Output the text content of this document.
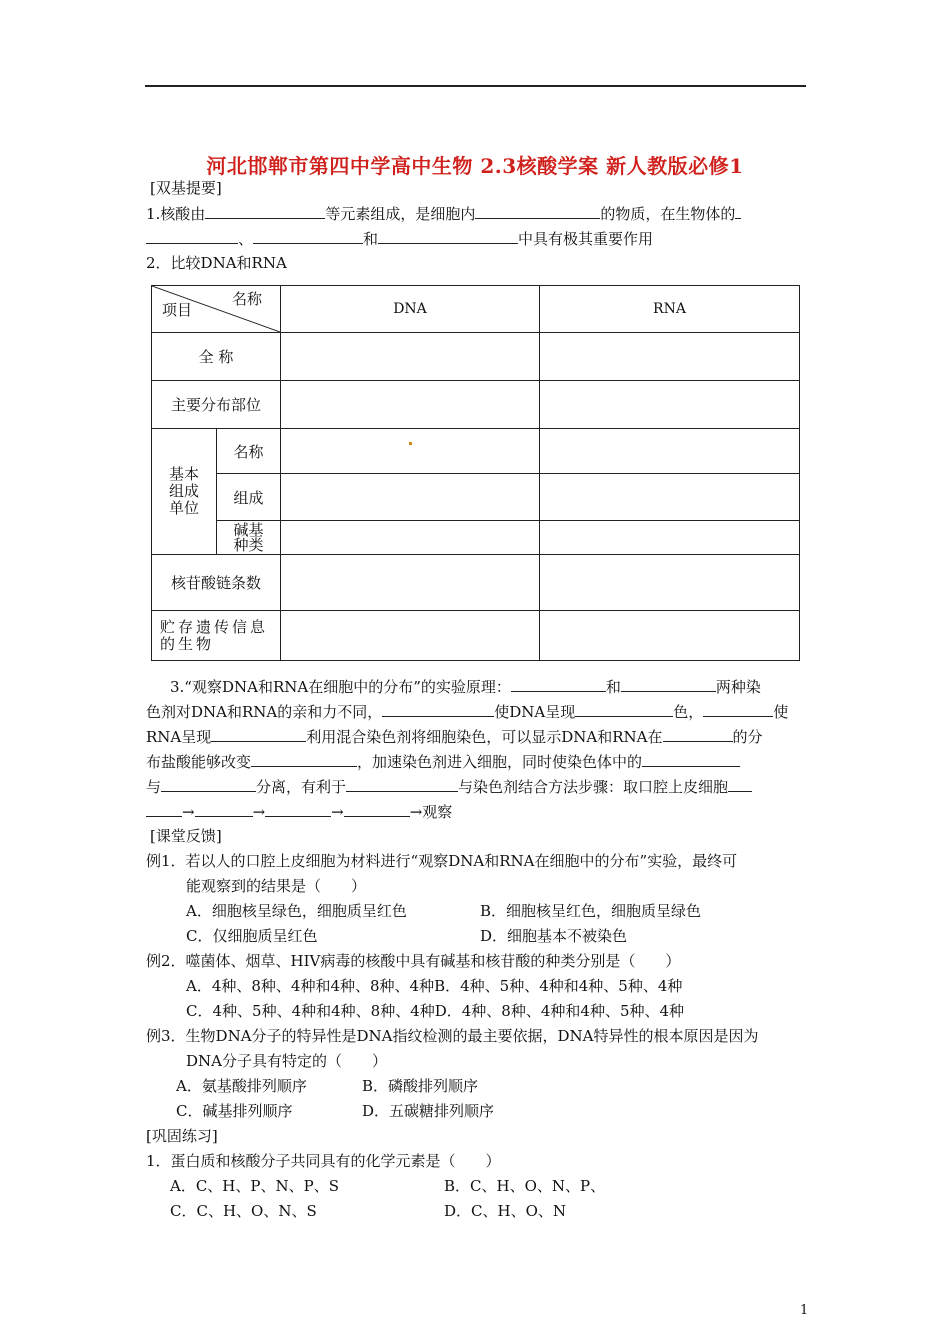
河北邯郸市第四中学高中生物 2.3核酸学案 新人教版必修1
[双基提要]
1.核酸由	等元素组成，是细胞内	的物质，在生物体的
、	和	中具有极其重要作用
2．比较DNA和RNA
名称
项目		DNA	RNA
全 称			
主要分布部位			
基本组成单位	名称	

	组成	

	碱基种类	

核苷酸链条数			
贮存遗传信息的生物			
3.“观察DNA和RNA在细胞中的分布”的实验原理：	和	两种染
色剂对DNA和RNA的亲和力不同，	使DNA呈现	色，	使
RNA呈现	利用混合染色剂将细胞染色，可以显示DNA和RNA在	的分
布盐酸能够改变	，加速染色剂进入细胞，同时使染色体中的
与	分离，有利于	与染色剂结合方法步骤：取口腔上皮细胞
→	→	→	→观察
[课堂反馈]
例1．若以人的口腔上皮细胞为材料进行“观察DNA和RNA在细胞中的分布”实验，最终可
能观察到的结果是（　　）
A．细胞核呈绿色，细胞质呈红色	B．细胞核呈红色，细胞质呈绿色
C．仅细胞质呈红色	D．细胞基本不被染色
例2．噬菌体、烟草、HIV病毒的核酸中具有碱基和核苷酸的种类分别是（　　）
A．4种、8种、4种和4种、8种、4种B．4种、5种、4种和4种、5种、4种
C．4种、5种、4种和4种、8种、4种D．4种、8种、4种和4种、5种、4种
例3．生物DNA分子的特异性是DNA指纹检测的最主要依据，DNA特异性的根本原因是因为
DNA分子具有特定的（　　）
A．氨基酸排列顺序	B．磷酸排列顺序
C．碱基排列顺序	D．五碳糖排列顺序
[巩固练习]
1．蛋白质和核酸分子共同具有的化学元素是（　　）
A．C、H、P、N、P、S	B．C、H、O、N、P、
C．C、H、O、N、S	D．C、H、O、N
1
